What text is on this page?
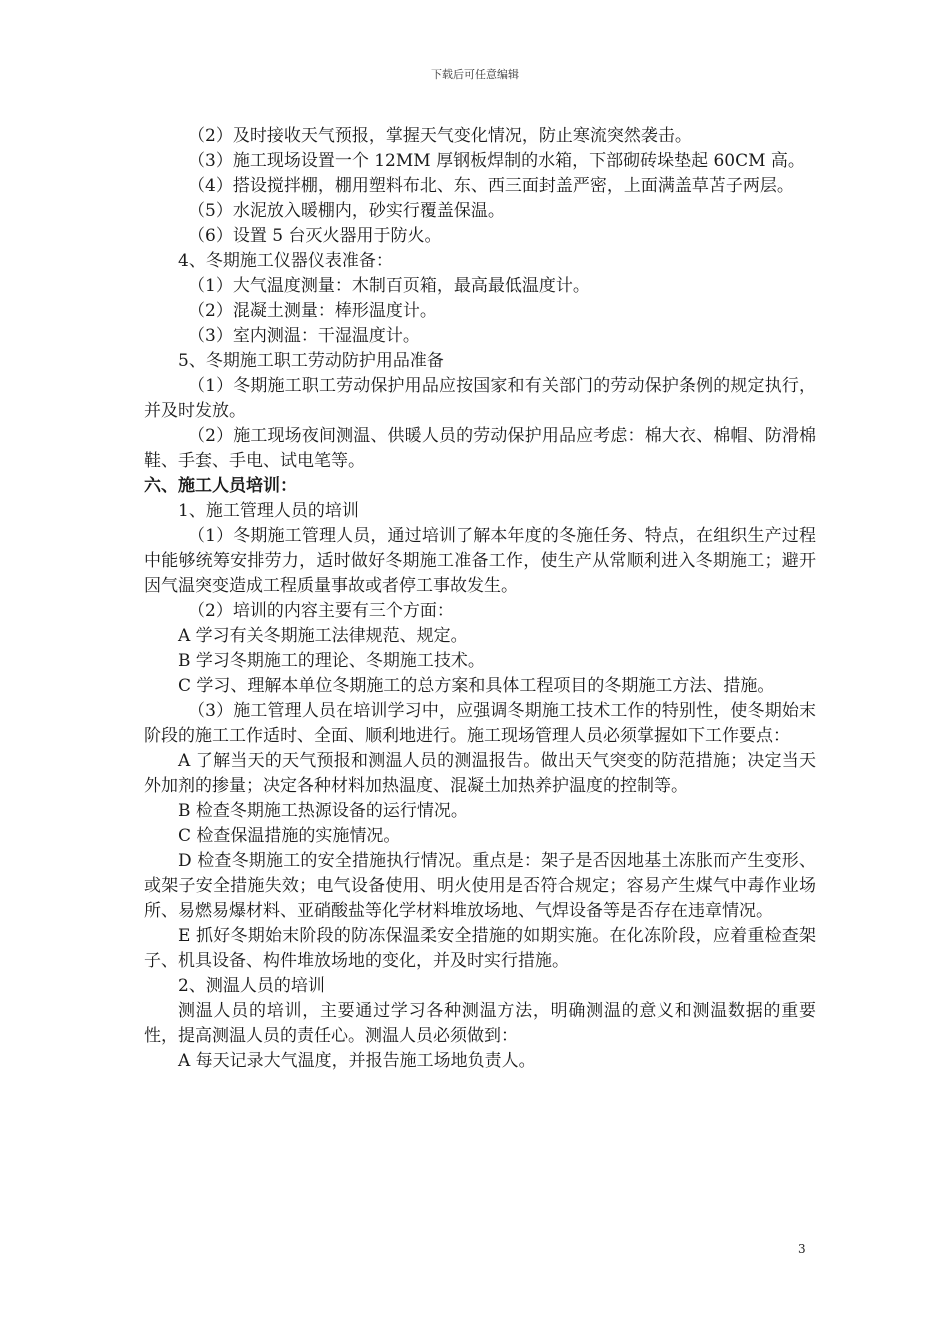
下载后可任意编辑

（2）及时接收天气预报，掌握天气变化情况，防止寒流突然袭击。

（3）施工现场设置一个 12MM 厚钢板焊制的水箱，下部砌砖垛垫起 60CM 高。

（4）搭设搅拌棚，棚用塑料布北、东、西三面封盖严密，上面满盖草苫子两层。

（5）水泥放入暖棚内，砂实行覆盖保温。

（6）设置 5 台灭火器用于防火。

4、冬期施工仪器仪表准备：

（1）大气温度测量：木制百页箱，最高最低温度计。

（2）混凝土测量：棒形温度计。

（3）室内测温：干湿温度计。

5、冬期施工职工劳动防护用品准备

（1）冬期施工职工劳动保护用品应按国家和有关部门的劳动保护条例的规定执行，并及时发放。

（2）施工现场夜间测温、供暖人员的劳动保护用品应考虑：棉大衣、棉帽、防滑棉鞋、手套、手电、试电笔等。

六、施工人员培训：

1、施工管理人员的培训

（1）冬期施工管理人员，通过培训了解本年度的冬施任务、特点，在组织生产过程中能够统筹安排劳力，适时做好冬期施工准备工作，使生产从常顺利进入冬期施工；避开因气温突变造成工程质量事故或者停工事故发生。

（2）培训的内容主要有三个方面：

A 学习有关冬期施工法律规范、规定。

B 学习冬期施工的理论、冬期施工技术。

C 学习、理解本单位冬期施工的总方案和具体工程项目的冬期施工方法、措施。

（3）施工管理人员在培训学习中，应强调冬期施工技术工作的特别性，使冬期始末阶段的施工工作适时、全面、顺利地进行。施工现场管理人员必须掌握如下工作要点：

A 了解当天的天气预报和测温人员的测温报告。做出天气突变的防范措施；决定当天外加剂的掺量；决定各种材料加热温度、混凝土加热养护温度的控制等。

B 检查冬期施工热源设备的运行情况。

C 检查保温措施的实施情况。

D 检查冬期施工的安全措施执行情况。重点是：架子是否因地基土冻胀而产生变形、或架子安全措施失效；电气设备使用、明火使用是否符合规定；容易产生煤气中毒作业场所、易燃易爆材料、亚硝酸盐等化学材料堆放场地、气焊设备等是否存在违章情况。

E 抓好冬期始末阶段的防冻保温柔安全措施的如期实施。在化冻阶段，应着重检查架子、机具设备、构件堆放场地的变化，并及时实行措施。

2、测温人员的培训

测温人员的培训，主要通过学习各种测温方法，明确测温的意义和测温数据的重要性，提高测温人员的责任心。测温人员必须做到：

A 每天记录大气温度，并报告施工场地负责人。

3
